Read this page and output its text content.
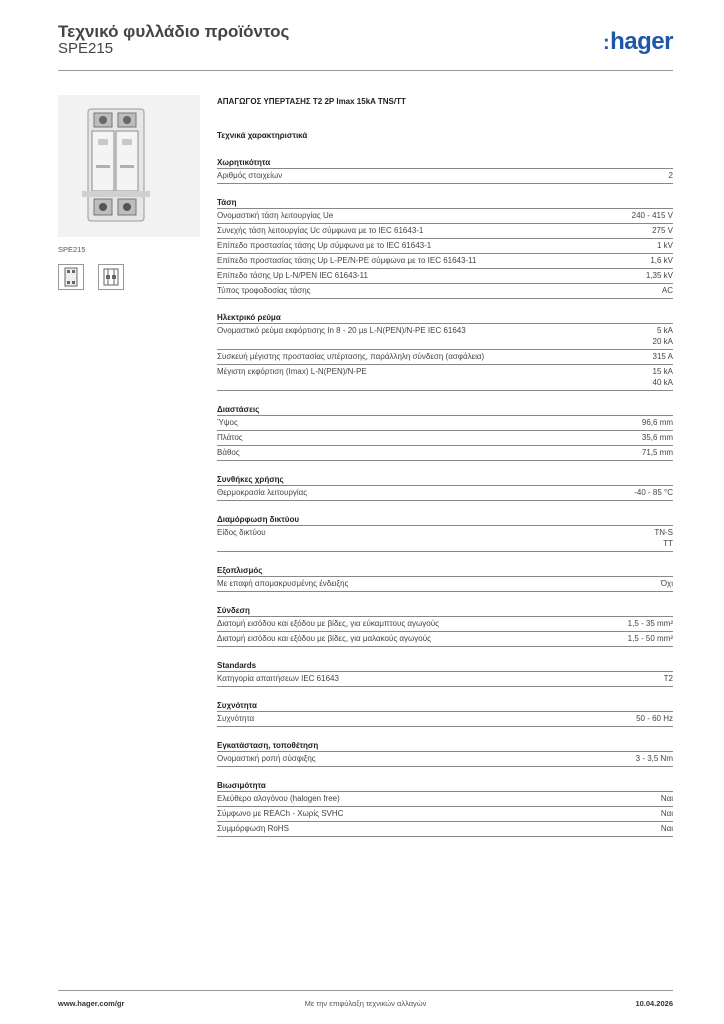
Τεχνικό φυλλάδιο προϊόντος
SPE215	:hager
SPE215
ΑΠΑΓΩΓΟΣ ΥΠΕΡΤΑΣΗΣ Τ2 2P Imax 15kA TNS/TT
Τεχνικά χαρακτηριστικά
Χωρητικότητα
Αριθμός στοιχείων	2
Τάση
Ονομαστική τάση λειτουργίας Ue	240 - 415 V
Συνεχής τάση λειτουργίας Uc σύμφωνα με το IEC 61643-1	275 V
Επίπεδο προστασίας τάσης Up σύμφωνα με το IEC 61643-1	1 kV
Επίπεδο προστασίας τάσης Up L-PE/N-PE σύμφωνα με το IEC 61643-11	1,6 kV
Επίπεδο τάσης Up L-N/PEN IEC 61643-11	1,35 kV
Τύπος τροφοδοσίας τάσης	AC
Ηλεκτρικό ρεύμα
Ονομαστικό ρεύμα εκφόρτισης In 8 - 20 µs L-N(PEN)/N-PE IEC 61643	5 kA
20 kA
Συσκευή μέγιστης προστασίας υπέρτασης, παράλληλη σύνδεση (ασφάλεια)	315 A
Μέγιστη εκφόρτιση (Imax) L-N(PEN)/N-PE	15 kA
40 kA
Διαστάσεις
Ύψος	96,6 mm
Πλάτος	35,6 mm
Βάθος	71,5 mm
Συνθήκες χρήσης
Θερμοκρασία λειτουργίας	-40 - 85 °C
Διαμόρφωση δικτύου
Είδος δικτύου	TN-S
TT
Εξοπλισμός
Με επαφή απομακρυσμένης ένδειξης	Όχι
Σύνδεση
Διατομή εισόδου και εξόδου με βίδες, για εύκαμπτους αγωγούς	1,5 - 35 mm²
Διατομή εισόδου και εξόδου με βίδες, για μαλακούς αγωγούς	1,5 - 50 mm²
Standards
Κατηγορία απαιτήσεων IEC 61643	T2
Συχνότητα
Συχνότητα	50 - 60 Hz
Εγκατάσταση, τοποθέτηση
Ονομαστική ροπή σύσφιξης	3 - 3,5 Nm
Βιωσιμότητα
Ελεύθερο αλογόνου (halogen free)	Ναι
Σύμφωνο με REACh - Χωρίς SVHC	Ναι
Συμμόρφωση RoHS	Ναι
www.hager.com/gr	Με την επιφύλαξη τεχνικών αλλαγών	10.04.2026
